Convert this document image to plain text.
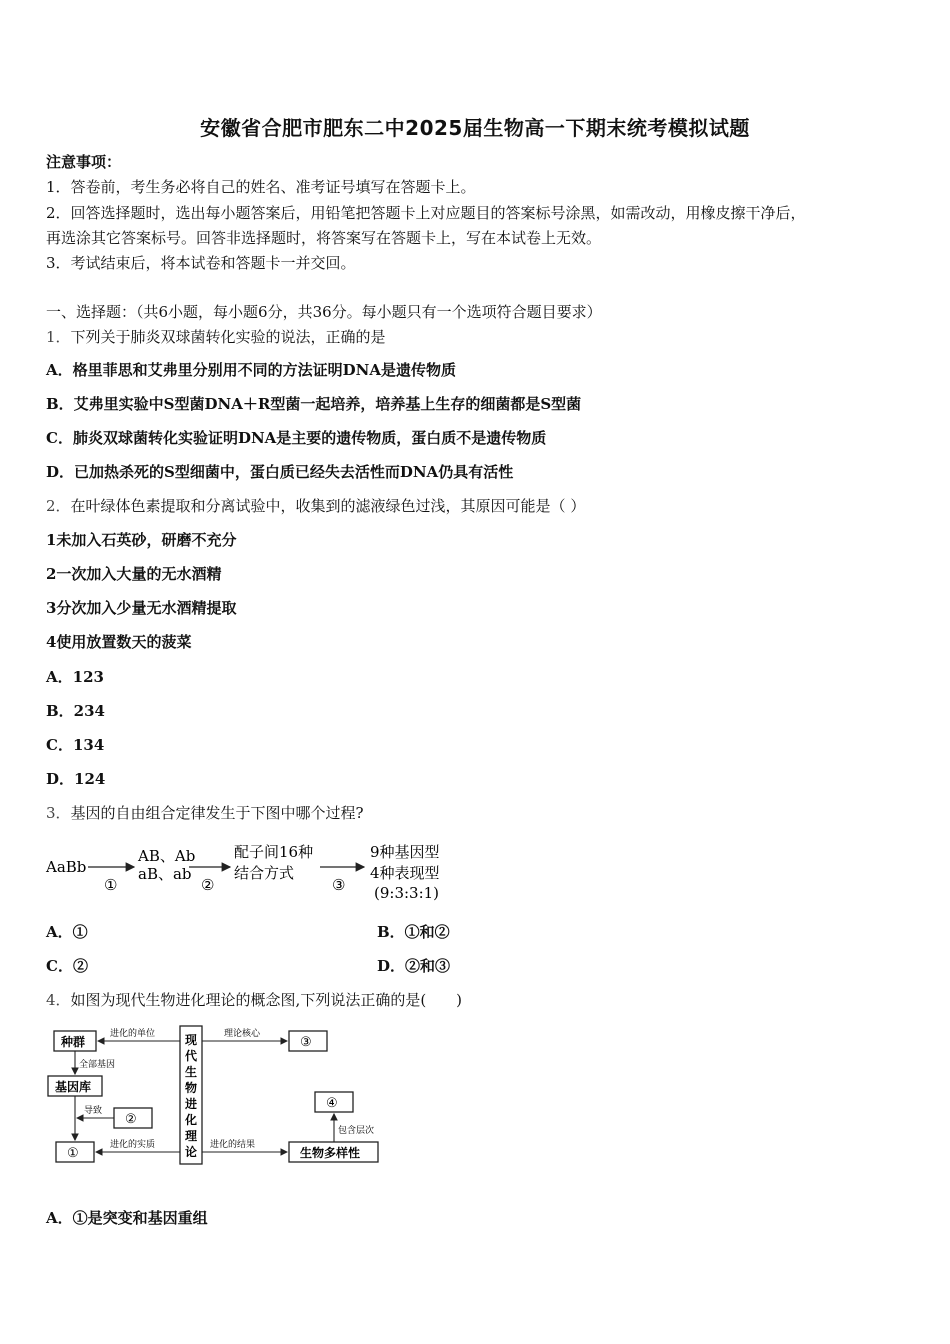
安徽省合肥市肥东二中2025届生物高一下期末统考模拟试题
注意事项：
1．答卷前，考生务必将自己的姓名、准考证号填写在答题卡上。
2．回答选择题时，选出每小题答案后，用铅笔把答题卡上对应题目的答案标号涂黑，如需改动，用橡皮擦干净后，
再选涂其它答案标号。回答非选择题时，将答案写在答题卡上，写在本试卷上无效。
3．考试结束后，将本试卷和答题卡一并交回。
一、选择题：（共6小题，每小题6分，共36分。每小题只有一个选项符合题目要求）
1．下列关于肺炎双球菌转化实验的说法，正确的是
A．格里菲思和艾弗里分别用不同的方法证明DNA是遗传物质
B．艾弗里实验中S型菌DNA＋R型菌一起培养，培养基上生存的细菌都是S型菌
C．肺炎双球菌转化实验证明DNA是主要的遗传物质，蛋白质不是遗传物质
D．已加热杀死的S型细菌中，蛋白质已经失去活性而DNA仍具有活性
2．在叶绿体色素提取和分离试验中，收集到的滤液绿色过浅，其原因可能是（ ）
1未加入石英砂，研磨不充分
2一次加入大量的无水酒精
3分次加入少量无水酒精提取
4使用放置数天的菠菜
A．123
B．234
C．134
D．124
3．基因的自由组合定律发生于下图中哪个过程?
AaBb
①
AB、Ab
aB、ab
②
配子间16种
结合方式
③
9种基因型
4种表现型
(9:3:3:1)
A．①	B．①和②
C．②	D．②和③
4．如图为现代生物进化理论的概念图,下列说法正确的是(　　)
种群
基因库
②
①
现
代
生
物
进
化
理
论
③
④
生物多样性
进化的单位
全部基因
导致
进化的实质
理论核心
进化的结果
包含层次
A．①是突变和基因重组
